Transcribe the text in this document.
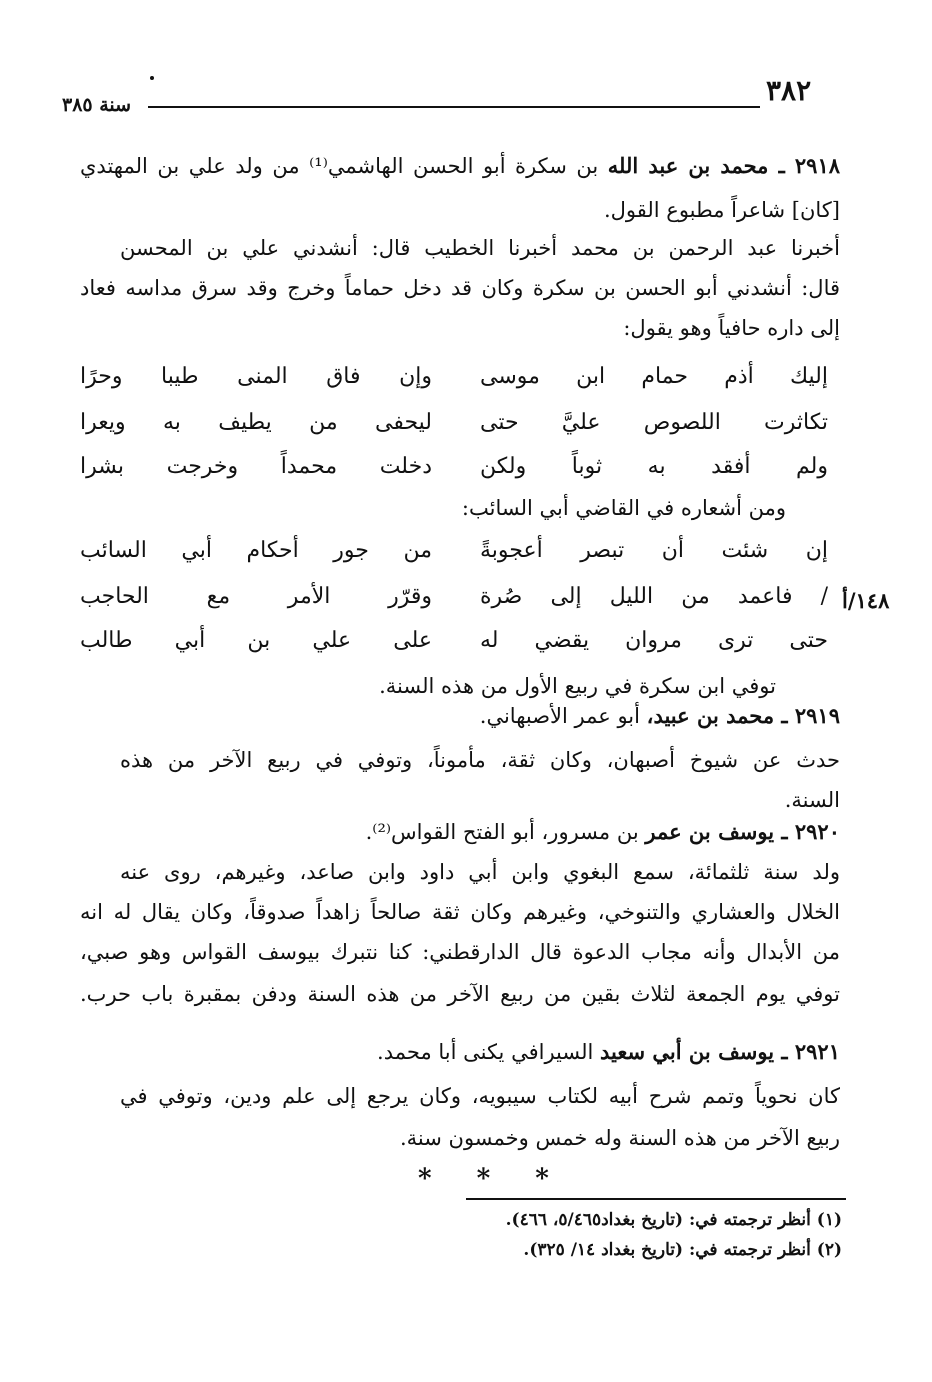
٣٨٢
سنة ٣٨٥
٢٩١٨ ـ محمد بن عبد الله بن سكرة أبو الحسن الهاشمي⁽¹⁾ من ولد علي بن المهتدي
[كان] شاعراً مطبوع القول.
أخبرنا عبد الرحمن بن محمد أخبرنا الخطيب قال: أنشدني علي بن المحسن
قال: أنشدني أبو الحسن بن سكرة وكان قد دخل حماماً وخرج وقد سرق مداسه فعاد
إلى داره حافياً وهو يقول:
إليك أذم حمام ابن موسى
وإن فاق المنى طيبا وحرًا
تكاثرت اللصوص عليَّ حتى
ليحفى من يطيف به ويعرا
ولم أفقد به ثوباً ولكن
دخلت محمداً وخرجت بشرا
ومن أشعاره في القاضي أبي السائب:
إن شئت أن تبصر أعجوبةً
من جور أحكام أبي السائب
/ فاعمد من الليل إلى صُرة
وقرّر الأمر مع الحاجب	١٤٨/أ
حتى ترى مروان يقضي له
على علي بن أبي طالب
توفي ابن سكرة في ربيع الأول من هذه السنة.
٢٩١٩ ـ محمد بن عبيد، أبو عمر الأصبهاني.
حدث عن شيوخ أصبهان، وكان ثقة، مأموناً، وتوفي في ربيع الآخر من هذه
السنة.
٢٩٢٠ ـ يوسف بن عمر بن مسرور، أبو الفتح القواس⁽²⁾.
ولد سنة ثلثمائة، سمع البغوي وابن أبي داود وابن صاعد، وغيرهم، روى عنه
الخلال والعشاري والتنوخي، وغيرهم وكان ثقة صالحاً زاهداً صدوقاً، وكان يقال له انه
من الأبدال وأنه مجاب الدعوة قال الدارقطني: كنا نتبرك بيوسف القواس وهو صبي،
توفي يوم الجمعة لثلاث بقين من ربيع الآخر من هذه السنة ودفن بمقبرة باب حرب.
٢٩٢١ ـ يوسف بن أبي سعيد السيرافي يكنى أبا محمد.
كان نحوياً وتمم شرح أبيه لكتاب سيبويه، وكان يرجع إلى علم ودين، وتوفي في
ربيع الآخر من هذه السنة وله خمس وخمسون سنة.
* * *
(١) أنظر ترجمته في: (تاريخ بغداد٥/٤٦٥، ٤٦٦).
(٢) أنظر ترجمته في: (تاريخ بغداد ١٤/ ٣٢٥).
